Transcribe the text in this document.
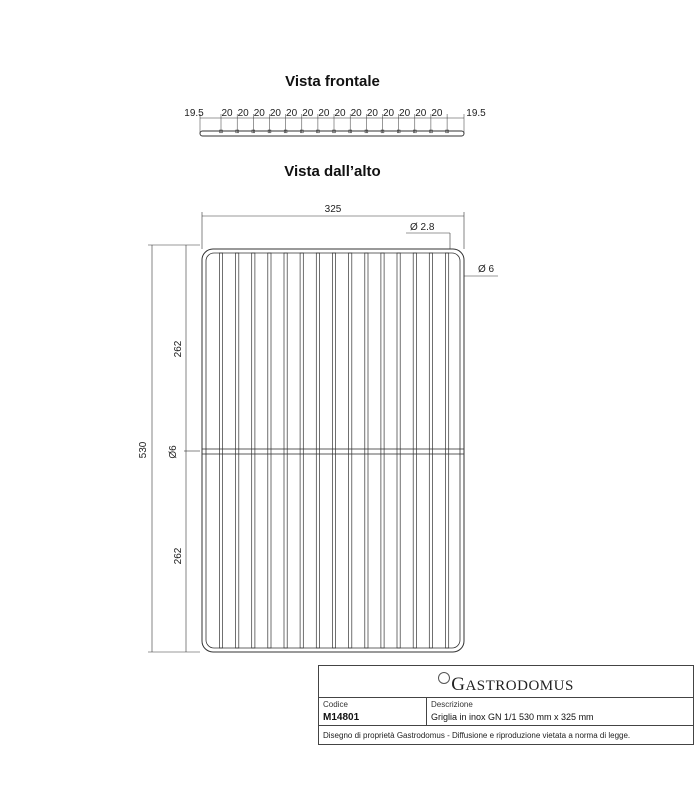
Vista frontale
Vista dall’alto
19.5 20 20 20 20 20 20 20 20 20 20 20 20 20 20 19.5
325
Ø 2.8
Ø 6
530
262
Ø6
262
GASTRODOMUS
Codice
M14801
Descrizione
Griglia in inox GN 1/1 530 mm x 325 mm
Disegno di proprietà Gastrodomus - Diffusione e riproduzione vietata a norma di legge.
